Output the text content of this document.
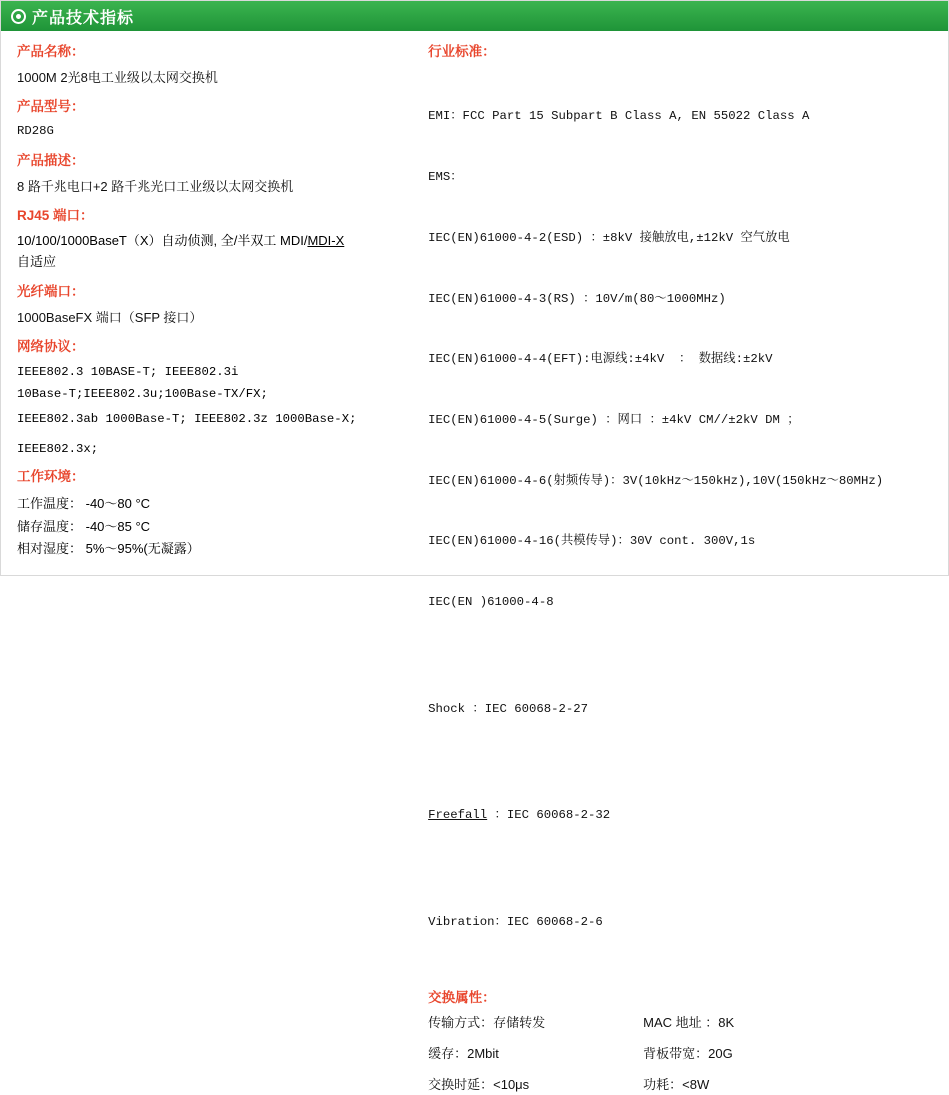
产品技术指标
产品名称：
1000M 2光8电工业级以太网交换机
产品型号：
RD28G
产品描述：
8 路千兆电口+2 路千兆光口工业级以太网交换机
RJ45 端口：
10/100/1000BaseT（X）自动侦测, 全/半双工 MDI/MDI-X
自适应
光纤端口：
1000BaseFX 端口（SFP 接口）
网络协议：
IEEE802.3 10BASE-T; IEEE802.3i
10Base-T;IEEE802.3u;100Base-TX/FX;
IEEE802.3ab 1000Base-T; IEEE802.3z 1000Base-X;
IEEE802.3x;
工作环境：
工作温度： -40～80 °C
储存温度： -40～85 °C
相对湿度： 5%～95%(无凝露）
行业标准：

EMI：FCC Part 15 Subpart B Class A, EN 55022 Class A

EMS：

IEC(EN)61000-4-2(ESD) ：±8kV 接触放电,±12kV 空气放电

IEC(EN)61000-4-3(RS) ：10V/m(80～1000MHz)

IEC(EN)61000-4-4(EFT):电源线:±4kV  ： 数据线:±2kV

IEC(EN)61000-4-5(Surge) ：网口 ：±4kV CM//±2kV DM ；

IEC(EN)61000-4-6(射频传导)：3V(10kHz～150kHz),10V(150kHz～80MHz)

IEC(EN)61000-4-16(共模传导)：30V cont. 300V,1s

IEC(EN )61000-4-8

Shock ：IEC 60068-2-27

Freefall ：IEC 60068-2-32

Vibration：IEC 60068-2-6

交换属性：
传输方式：存储转发	MAC 地址 ：8K
缓存：2Mbit	背板带宽：20G
交换时延：<10μs	功耗：<8W
